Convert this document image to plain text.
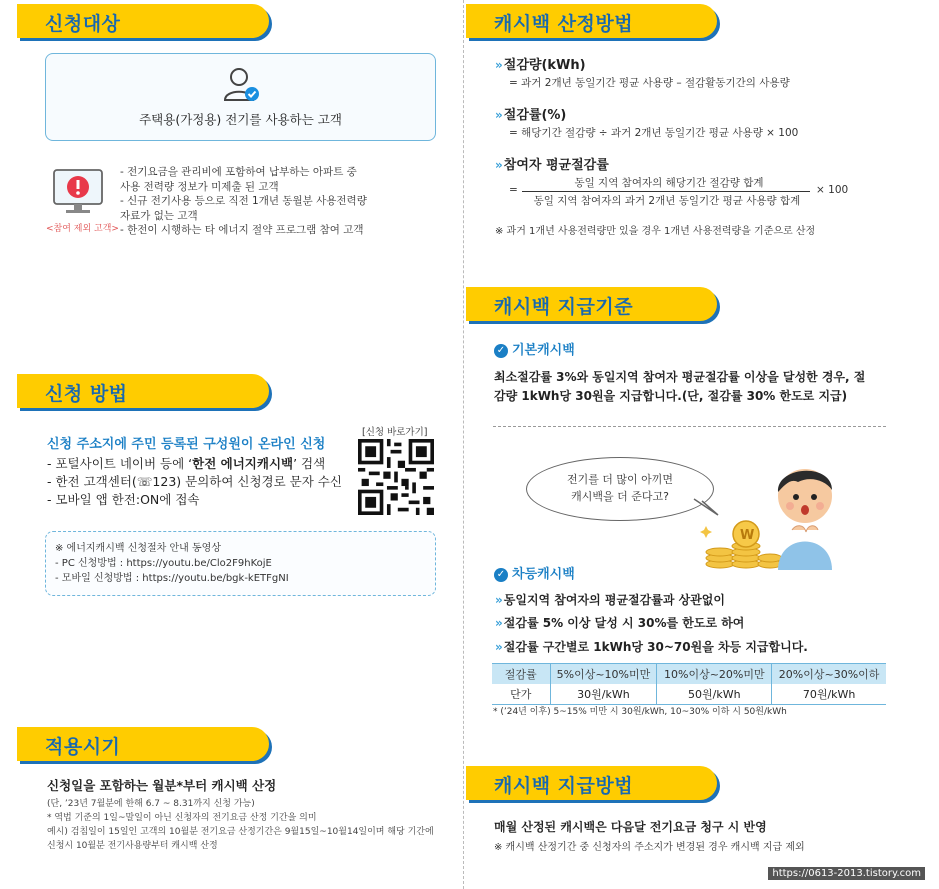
신청대상
주택용(가정용) 전기를 사용하는 고객
<참여 제외 고객>
- 전기요금을 관리비에 포함하여 납부하는 아파트 중
사용 전력량 정보가 미제출 된 고객
- 신규 전기사용 등으로 직전 1개년 동월분 사용전력량
자료가 없는 고객
- 한전이 시행하는 타 에너지 절약 프로그램 참여 고객
신청 방법
신청 주소지에 주민 등록된 구성원이 온라인 신청
[신청 바로가기]
- 포털사이트 네이버 등에 ‘한전 에너지캐시백’ 검색
- 한전 고객센터(☏123) 문의하여 신청경로 문자 수신
- 모바일 앱 한전:ON에 접속
※ 에너지캐시백 신청절차 안내 동영상
- PC 신청방법 : https://youtu.be/Clo2F9hKojE
- 모바일 신청방법 : https://youtu.be/bgk-kETFgNI
적용시기
신청일을 포함하는 월분*부터 캐시백 산정
(단, ’23년 7월분에 한해 6.7 ~ 8.31까지 신청 가능)
* 역법 기준의 1일~말일이 아닌 신청자의 전기요금 산정 기간을 의미
예시) 검침일이 15일인 고객의 10월분 전기요금 산정기간은 9월15일~10월14일이며 해당 기간에
신청시 10월분 전기사용량부터 캐시백 산정
캐시백 산정방법
» 절감량(kWh)
= 과거 2개년 동일기간 평균 사용량 – 절감활동기간의 사용량
» 절감률(%)
= 해당기간 절감량 ÷ 과거 2개년 동일기간 평균 사용량 × 100
» 참여자 평균절감률
=
동일 지역 참여자의 해당기간 절감량 합계
동일 지역 참여자의 과거 2개년 동일기간 평균 사용량 합계
× 100
※ 과거 1개년 사용전력량만 있을 경우 1개년 사용전력량을 기준으로 산정
캐시백 지급기준
✓ 기본캐시백
최소절감률 3%와 동일지역 참여자 평균절감률 이상을 달성한 경우, 절
감량 1kWh당 30원을 지급합니다.(단, 절감률 30% 한도로 지급)
전기를 더 많이 아끼면
캐시백을 더 준다고?
W
✓ 차등캐시백
» 동일지역 참여자의 평균절감률과 상관없이
» 절감률 5% 이상 달성 시 30%를 한도로 하여
» 절감률 구간별로 1kWh당 30~70원을 차등 지급합니다.
절감률	5%이상~10%미만	10%이상~20%미만	20%이상~30%이하
단가	30원/kWh	50원/kWh	70원/kWh
* (’24년 이후) 5~15% 미만 시 30원/kWh, 10~30% 이하 시 50원/kWh
캐시백 지급방법
매월 산정된 캐시백은 다음달 전기요금 청구 시 반영
※ 캐시백 산정기간 중 신청자의 주소지가 변경된 경우 캐시백 지급 제외
https://0613-2013.tistory.com
